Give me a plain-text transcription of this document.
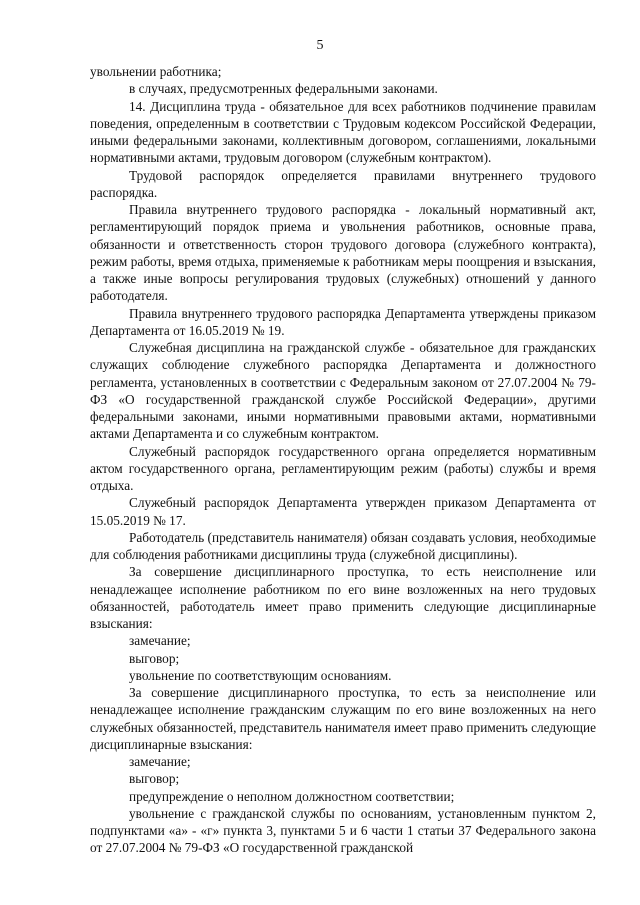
5

увольнении работника;

в случаях, предусмотренных федеральными законами.

14. Дисциплина труда - обязательное для всех работников подчинение правилам поведения, определенным в соответствии с Трудовым кодексом Российской Федерации, иными федеральными законами, коллективным договором, соглашениями, локальными нормативными актами, трудовым договором (служебным контрактом).

Трудовой распорядок определяется правилами внутреннего трудового распорядка.

Правила внутреннего трудового распорядка - локальный нормативный акт, регламентирующий порядок приема и увольнения работников, основные права, обязанности и ответственность сторон трудового договора (служебного контракта), режим работы, время отдыха, применяемые к работникам меры поощрения и взыскания, а также иные вопросы регулирования трудовых (служебных) отношений у данного работодателя.

Правила внутреннего трудового распорядка Департамента утверждены приказом Департамента от 16.05.2019 № 19.

Служебная дисциплина на гражданской службе - обязательное для гражданских служащих соблюдение служебного распорядка Департамента и должностного регламента, установленных в соответствии с Федеральным законом от 27.07.2004 № 79-ФЗ «О государственной гражданской службе Российской Федерации», другими федеральными законами, иными нормативными правовыми актами, нормативными актами Департамента и со служебным контрактом.

Служебный распорядок государственного органа определяется нормативным актом государственного органа, регламентирующим режим (работы) службы и время отдыха.

Служебный распорядок Департамента утвержден приказом Департамента от 15.05.2019 № 17.

Работодатель (представитель нанимателя) обязан создавать условия, необходимые для соблюдения работниками дисциплины труда (служебной дисциплины).

За совершение дисциплинарного проступка, то есть неисполнение или ненадлежащее исполнение работником по его вине возложенных на него трудовых обязанностей, работодатель имеет право применить следующие дисциплинарные взыскания:

замечание;

выговор;

увольнение по соответствующим основаниям.

За совершение дисциплинарного проступка, то есть за неисполнение или ненадлежащее исполнение гражданским служащим по его вине возложенных на него служебных обязанностей, представитель нанимателя имеет право применить следующие дисциплинарные взыскания:

замечание;

выговор;

предупреждение о неполном должностном соответствии;

увольнение с гражданской службы по основаниям, установленным пунктом 2, подпунктами «а» - «г» пункта 3, пунктами 5 и 6 части 1 статьи 37 Федерального закона от 27.07.2004 № 79-ФЗ «О государственной гражданской
